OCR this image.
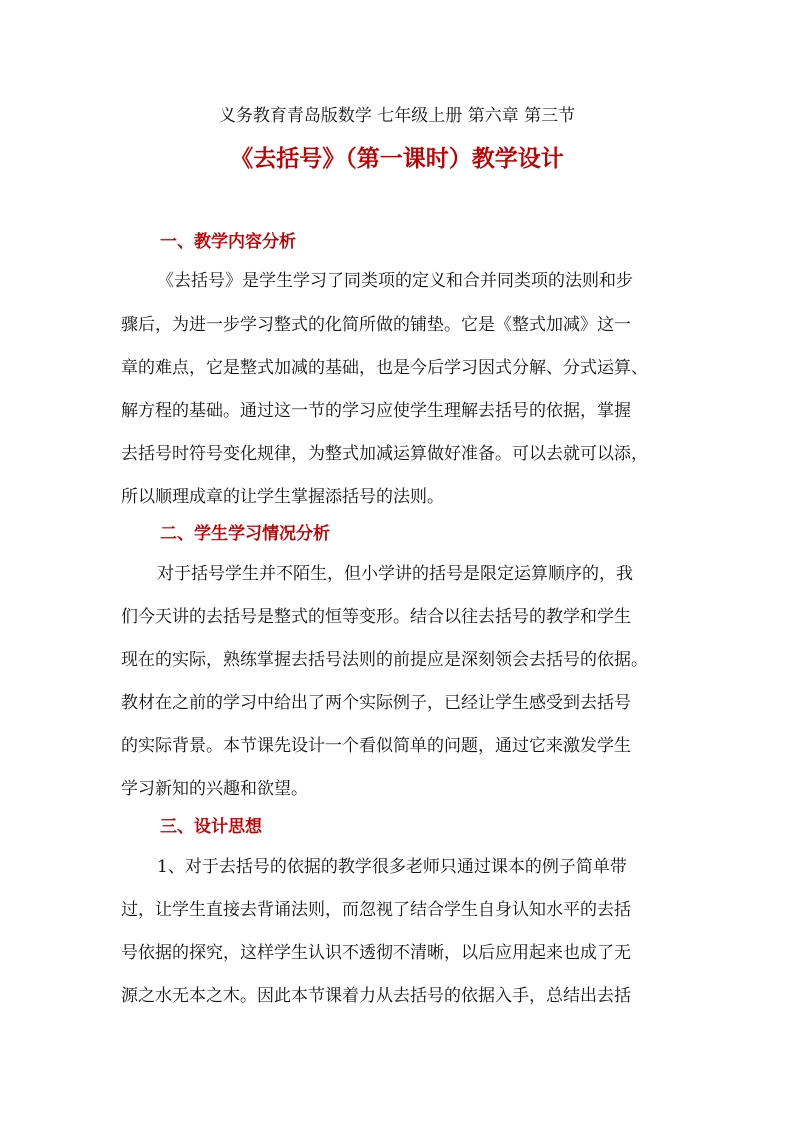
义务教育青岛版数学 七年级上册 第六章 第三节
《去括号》（第一课时）教学设计
一、教学内容分析
《去括号》是学生学习了同类项的定义和合并同类项的法则和步
骤后，为进一步学习整式的化简所做的铺垫。它是《整式加减》这一
章的难点，它是整式加减的基础，也是今后学习因式分解、分式运算、
解方程的基础。通过这一节的学习应使学生理解去括号的依据，掌握
去括号时符号变化规律，为整式加减运算做好准备。可以去就可以添，
所以顺理成章的让学生掌握添括号的法则。
二、学生学习情况分析
对于括号学生并不陌生，但小学讲的括号是限定运算顺序的，我
们今天讲的去括号是整式的恒等变形。结合以往去括号的教学和学生
现在的实际，熟练掌握去括号法则的前提应是深刻领会去括号的依据。
教材在之前的学习中给出了两个实际例子，已经让学生感受到去括号
的实际背景。本节课先设计一个看似简单的问题，通过它来激发学生
学习新知的兴趣和欲望。
三、设计思想
1、对于去括号的依据的教学很多老师只通过课本的例子简单带
过，让学生直接去背诵法则，而忽视了结合学生自身认知水平的去括
号依据的探究，这样学生认识不透彻不清晰，以后应用起来也成了无
源之水无本之木。因此本节课着力从去括号的依据入手，总结出去括
